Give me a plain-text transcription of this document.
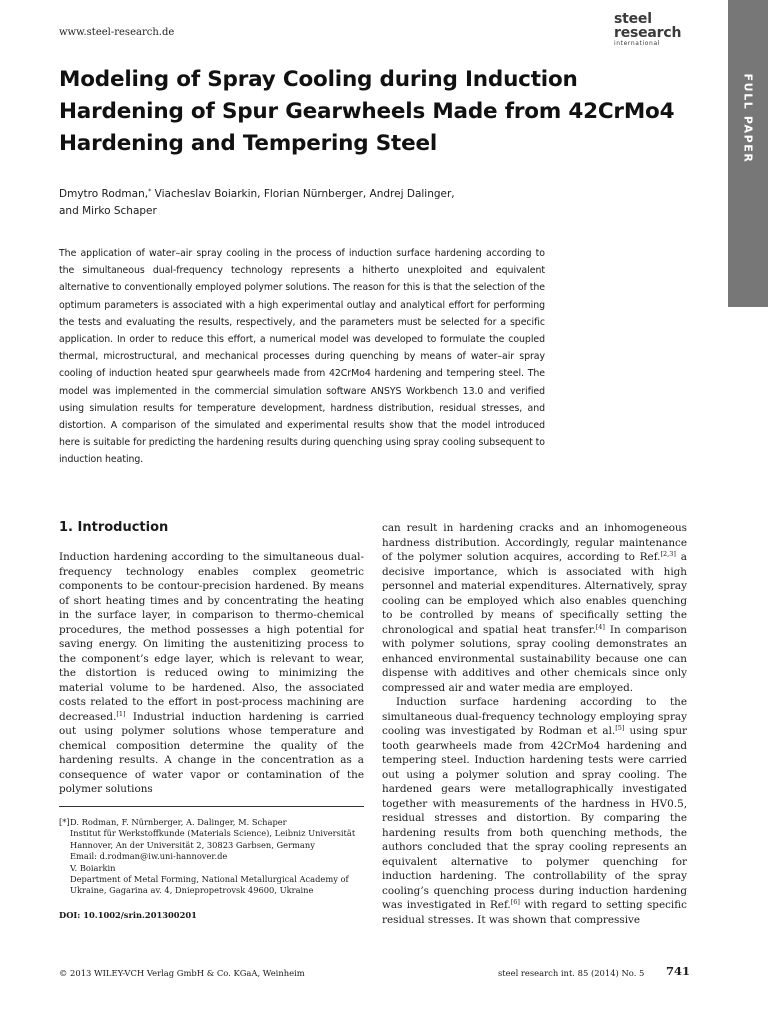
www.steel-research.de
steel
research
international
FULL PAPER
Modeling of Spray Cooling during Induction Hardening of Spur Gearwheels Made from 42CrMo4 Hardening and Tempering Steel
Dmytro Rodman,* Viacheslav Boiarkin, Florian Nürnberger, Andrej Dalinger,
and Mirko Schaper
The application of water–air spray cooling in the process of induction surface hardening according to the simultaneous dual-frequency technology represents a hitherto unexploited and equivalent alternative to conventionally employed polymer solutions. The reason for this is that the selection of the optimum parameters is associated with a high experimental outlay and analytical effort for performing the tests and evaluating the results, respectively, and the parameters must be selected for a specific application. In order to reduce this effort, a numerical model was developed to formulate the coupled thermal, microstructural, and mechanical processes during quenching by means of water–air spray cooling of induction heated spur gearwheels made from 42CrMo4 hardening and tempering steel. The model was implemented in the commercial simulation software ANSYS Workbench 13.0 and verified using simulation results for temperature development, hardness distribution, residual stresses, and distortion. A comparison of the simulated and experimental results show that the model introduced here is suitable for predicting the hardening results during quenching using spray cooling subsequent to induction heating.
1. Introduction

Induction hardening according to the simultaneous dual-frequency technology enables complex geometric components to be contour-precision hardened. By means of short heating times and by concentrating the heating in the surface layer, in comparison to thermo-chemical procedures, the method possesses a high potential for saving energy. On limiting the austenitizing process to the component’s edge layer, which is relevant to wear, the distortion is reduced owing to minimizing the material volume to be hardened. Also, the associated costs related to the effort in post-process machining are decreased.[1] Industrial induction hardening is carried out using polymer solutions whose temperature and chemical composition determine the quality of the hardening results. A change in the concentration as a consequence of water vapor or contamination of the polymer solutions

can result in hardening cracks and an inhomogeneous hardness distribution. Accordingly, regular maintenance of the polymer solution acquires, according to Ref.[2,3] a decisive importance, which is associated with high personnel and material expenditures. Alternatively, spray cooling can be employed which also enables quenching to be controlled by means of specifically setting the chronological and spatial heat transfer.[4] In comparison with polymer solutions, spray cooling demonstrates an enhanced environmental sustainability because one can dispense with additives and other chemicals since only compressed air and water media are employed.

Induction surface hardening according to the simultaneous dual-frequency technology employing spray cooling was investigated by Rodman et al.[5] using spur tooth gearwheels made from 42CrMo4 hardening and tempering steel. Induction hardening tests were carried out using a polymer solution and spray cooling. The hardened gears were metallographically investigated together with measurements of the hardness in HV0.5, residual stresses and distortion. By comparing the hardening results from both quenching methods, the authors concluded that the spray cooling represents an equivalent alternative to polymer quenching for induction hardening. The controllability of the spray cooling’s quenching process during induction hardening was investigated in Ref.[6] with regard to setting specific residual stresses. It was shown that compressive

[*]D. Rodman, F. Nürnberger, A. Dalinger, M. Schaper
Institut für Werkstoffkunde (Materials Science), Leibniz Universität
Hannover, An der Universität 2, 30823 Garbsen, Germany
Email: d.rodman@iw.uni-hannover.de
V. Boiarkin
Department of Metal Forming, National Metallurgical Academy of
Ukraine, Gagarina av. 4, Dniepropetrovsk 49600, Ukraine
DOI: 10.1002/srin.201300201
© 2013 WILEY-VCH Verlag GmbH & Co. KGaA, Weinheim	steel research int. 85 (2014) No. 5 741
